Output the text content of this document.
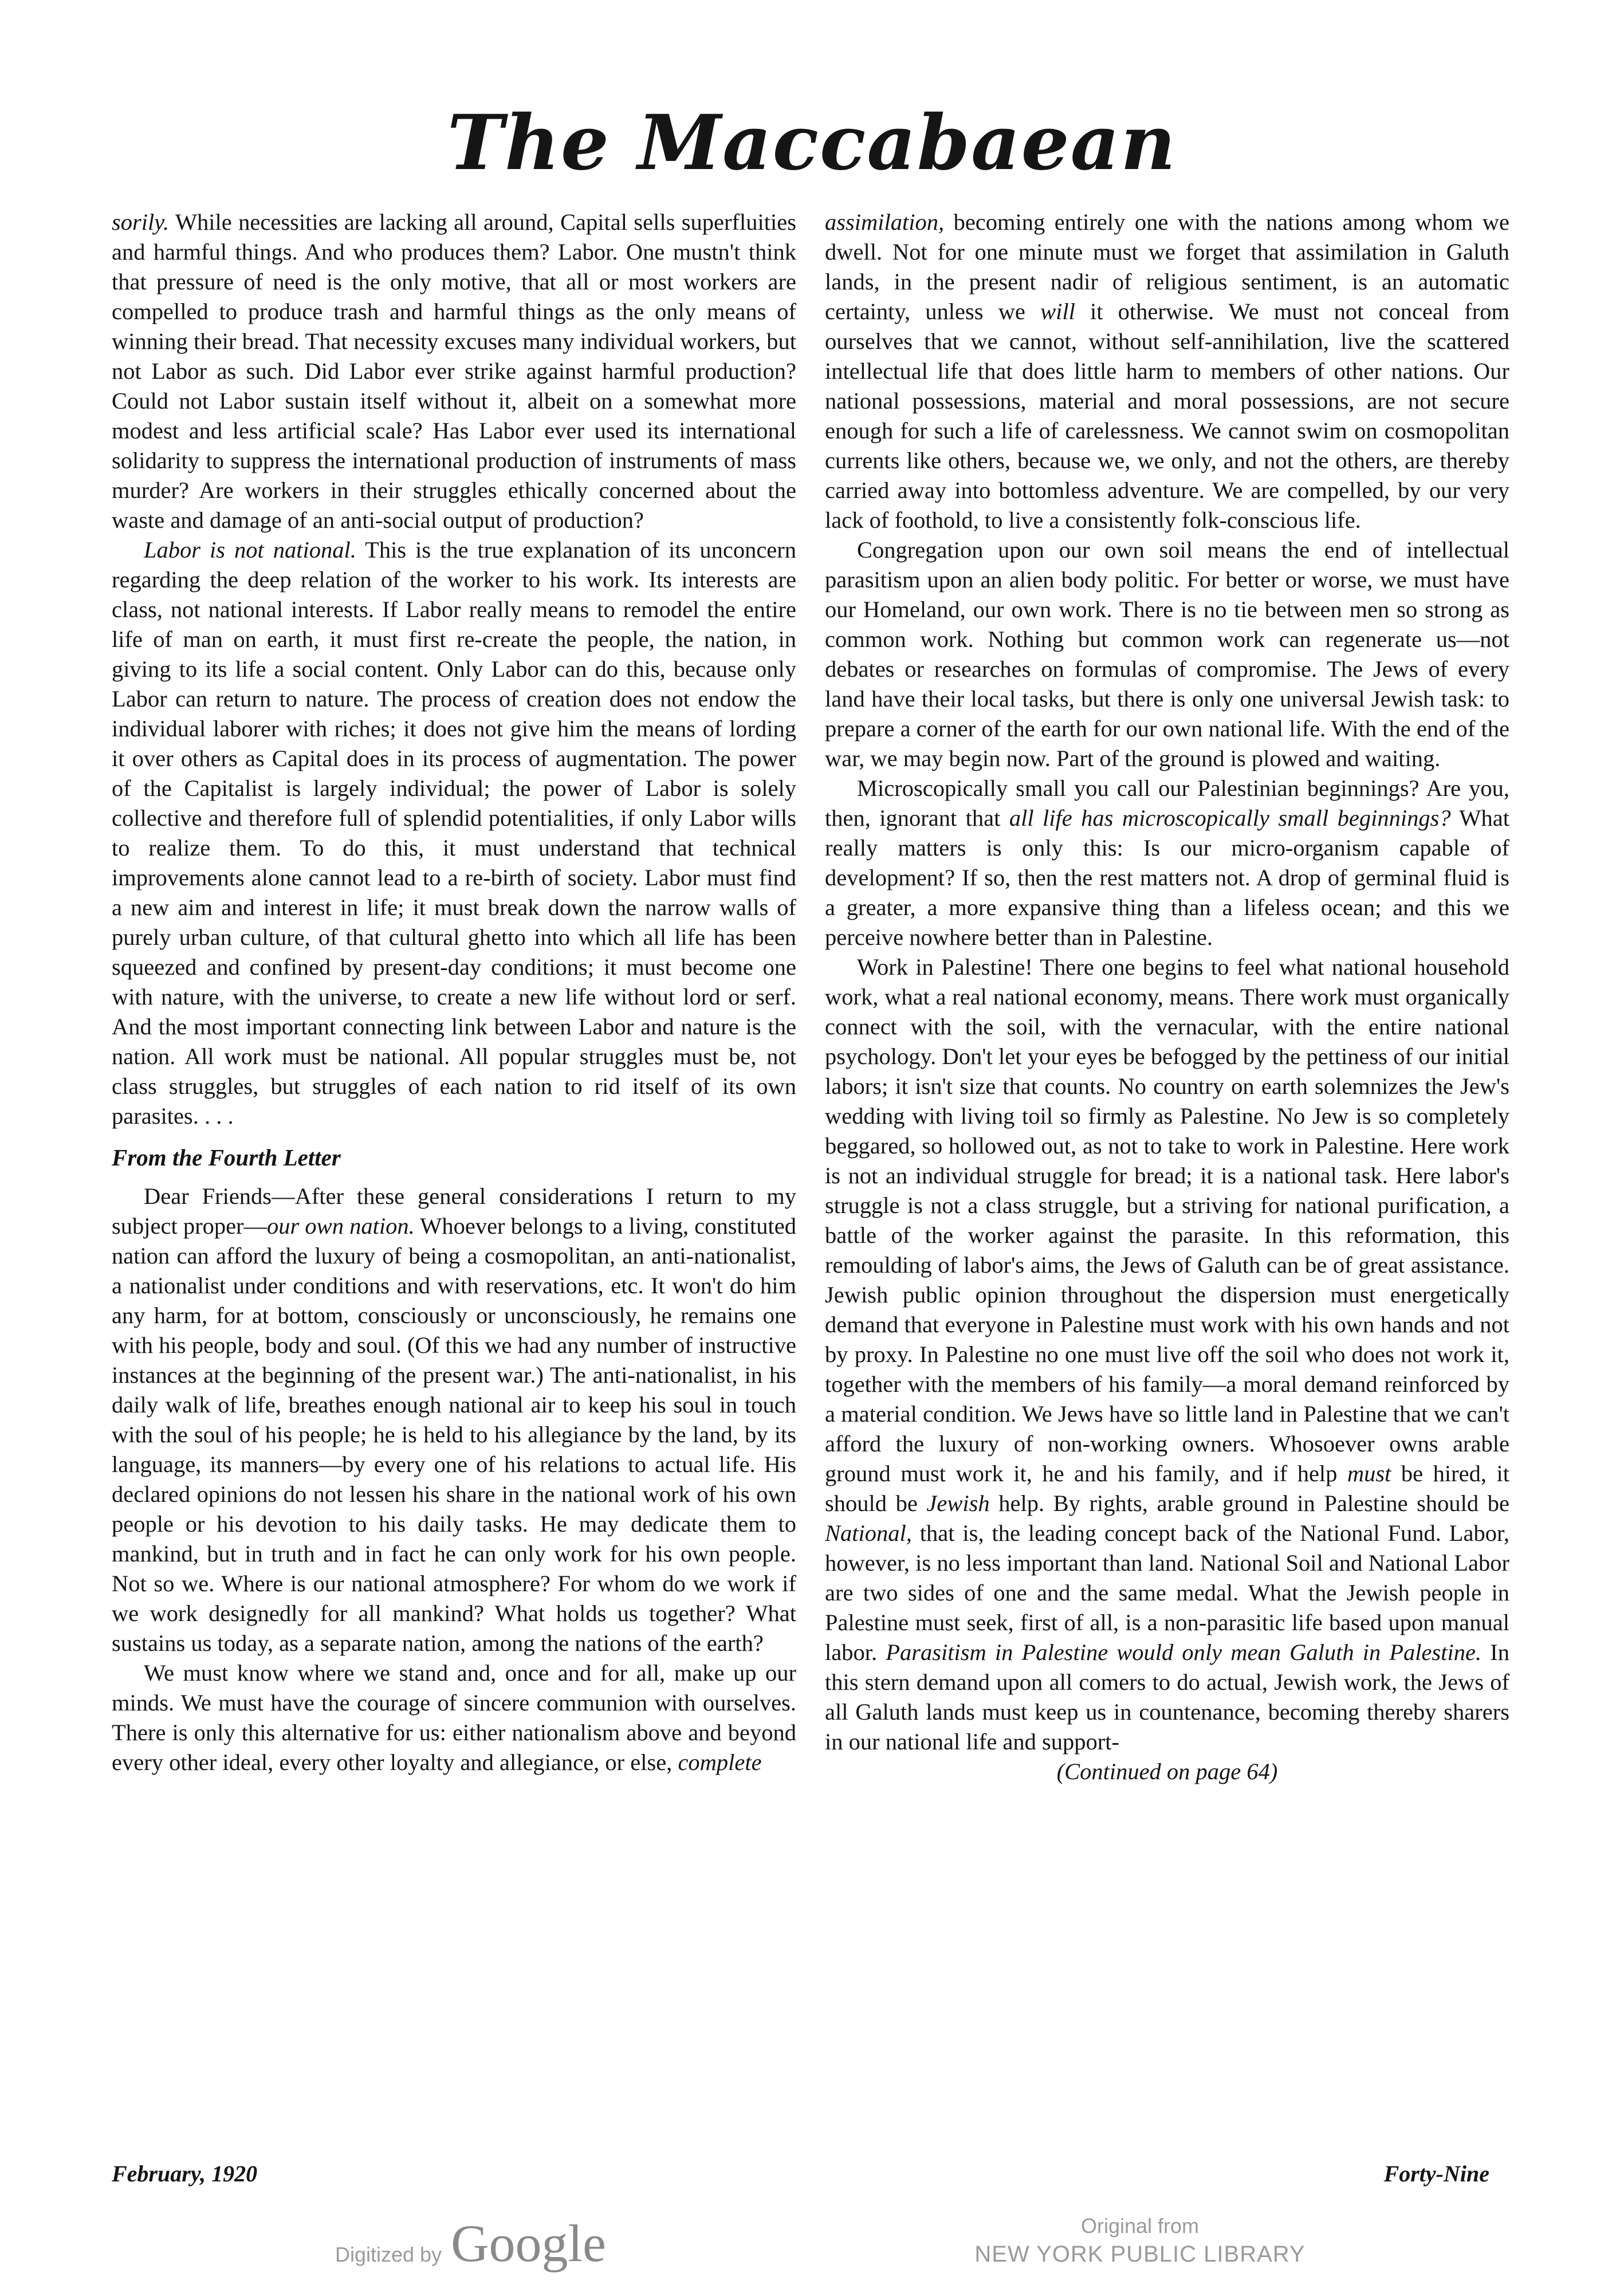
The Maccabaean

sorily. While necessities are lacking all around, Capital sells superfluities and harmful things. And who produces them? Labor. One mustn't think that pressure of need is the only motive, that all or most workers are compelled to produce trash and harmful things as the only means of winning their bread. That necessity excuses many individual workers, but not Labor as such. Did Labor ever strike against harmful production? Could not Labor sustain itself without it, albeit on a somewhat more modest and less artificial scale? Has Labor ever used its international solidarity to suppress the international production of instruments of mass murder? Are workers in their struggles ethically concerned about the waste and damage of an anti-social output of production?

Labor is not national. This is the true explanation of its unconcern regarding the deep relation of the worker to his work. Its interests are class, not national interests. If Labor really means to remodel the entire life of man on earth, it must first re-create the people, the nation, in giving to its life a social content. Only Labor can do this, because only Labor can return to nature. The process of creation does not endow the individual laborer with riches; it does not give him the means of lording it over others as Capital does in its process of augmentation. The power of the Capitalist is largely individual; the power of Labor is solely collective and therefore full of splendid potentialities, if only Labor wills to realize them. To do this, it must understand that technical improvements alone cannot lead to a re-birth of society. Labor must find a new aim and interest in life; it must break down the narrow walls of purely urban culture, of that cultural ghetto into which all life has been squeezed and confined by present-day conditions; it must become one with nature, with the universe, to create a new life without lord or serf. And the most important connecting link between Labor and nature is the nation. All work must be national. All popular struggles must be, not class struggles, but struggles of each nation to rid itself of its own parasites. . . .

From the Fourth Letter

Dear Friends—After these general considerations I return to my subject proper—our own nation. Whoever belongs to a living, constituted nation can afford the luxury of being a cosmopolitan, an anti-nationalist, a nationalist under conditions and with reservations, etc. It won't do him any harm, for at bottom, consciously or unconsciously, he remains one with his people, body and soul. (Of this we had any number of instructive instances at the beginning of the present war.) The anti-nationalist, in his daily walk of life, breathes enough national air to keep his soul in touch with the soul of his people; he is held to his allegiance by the land, by its language, its manners—by every one of his relations to actual life. His declared opinions do not lessen his share in the national work of his own people or his devotion to his daily tasks. He may dedicate them to mankind, but in truth and in fact he can only work for his own people. Not so we. Where is our national atmosphere? For whom do we work if we work designedly for all mankind? What holds us together? What sustains us today, as a separate nation, among the nations of the earth?

We must know where we stand and, once and for all, make up our minds. We must have the courage of sincere communion with ourselves. There is only this alternative for us: either nationalism above and beyond every other ideal, every other loyalty and allegiance, or else, complete

assimilation, becoming entirely one with the nations among whom we dwell. Not for one minute must we forget that assimilation in Galuth lands, in the present nadir of religious sentiment, is an automatic certainty, unless we will it otherwise. We must not conceal from ourselves that we cannot, without self-annihilation, live the scattered intellectual life that does little harm to members of other nations. Our national possessions, material and moral possessions, are not secure enough for such a life of carelessness. We cannot swim on cosmopolitan currents like others, because we, we only, and not the others, are thereby carried away into bottomless adventure. We are compelled, by our very lack of foothold, to live a consistently folk-conscious life.

Congregation upon our own soil means the end of intellectual parasitism upon an alien body politic. For better or worse, we must have our Homeland, our own work. There is no tie between men so strong as common work. Nothing but common work can regenerate us—not debates or researches on formulas of compromise. The Jews of every land have their local tasks, but there is only one universal Jewish task: to prepare a corner of the earth for our own national life. With the end of the war, we may begin now. Part of the ground is plowed and waiting.

Microscopically small you call our Palestinian beginnings? Are you, then, ignorant that all life has microscopically small beginnings? What really matters is only this: Is our micro-organism capable of development? If so, then the rest matters not. A drop of germinal fluid is a greater, a more expansive thing than a lifeless ocean; and this we perceive nowhere better than in Palestine.

Work in Palestine! There one begins to feel what national household work, what a real national economy, means. There work must organically connect with the soil, with the vernacular, with the entire national psychology. Don't let your eyes be befogged by the pettiness of our initial labors; it isn't size that counts. No country on earth solemnizes the Jew's wedding with living toil so firmly as Palestine. No Jew is so completely beggared, so hollowed out, as not to take to work in Palestine. Here work is not an individual struggle for bread; it is a national task. Here labor's struggle is not a class struggle, but a striving for national purification, a battle of the worker against the parasite. In this reformation, this remoulding of labor's aims, the Jews of Galuth can be of great assistance. Jewish public opinion throughout the dispersion must energetically demand that everyone in Palestine must work with his own hands and not by proxy. In Palestine no one must live off the soil who does not work it, together with the members of his family—a moral demand reinforced by a material condition. We Jews have so little land in Palestine that we can't afford the luxury of non-working owners. Whosoever owns arable ground must work it, he and his family, and if help must be hired, it should be Jewish help. By rights, arable ground in Palestine should be National, that is, the leading concept back of the National Fund. Labor, however, is no less important than land. National Soil and National Labor are two sides of one and the same medal. What the Jewish people in Palestine must seek, first of all, is a non-parasitic life based upon manual labor. Parasitism in Palestine would only mean Galuth in Palestine. In this stern demand upon all comers to do actual, Jewish work, the Jews of all Galuth lands must keep us in countenance, becoming thereby sharers in our national life and support-

(Continued on page 64)

February, 1920	Forty-Nine
Digitized by Google	Original from
NEW YORK PUBLIC LIBRARY
